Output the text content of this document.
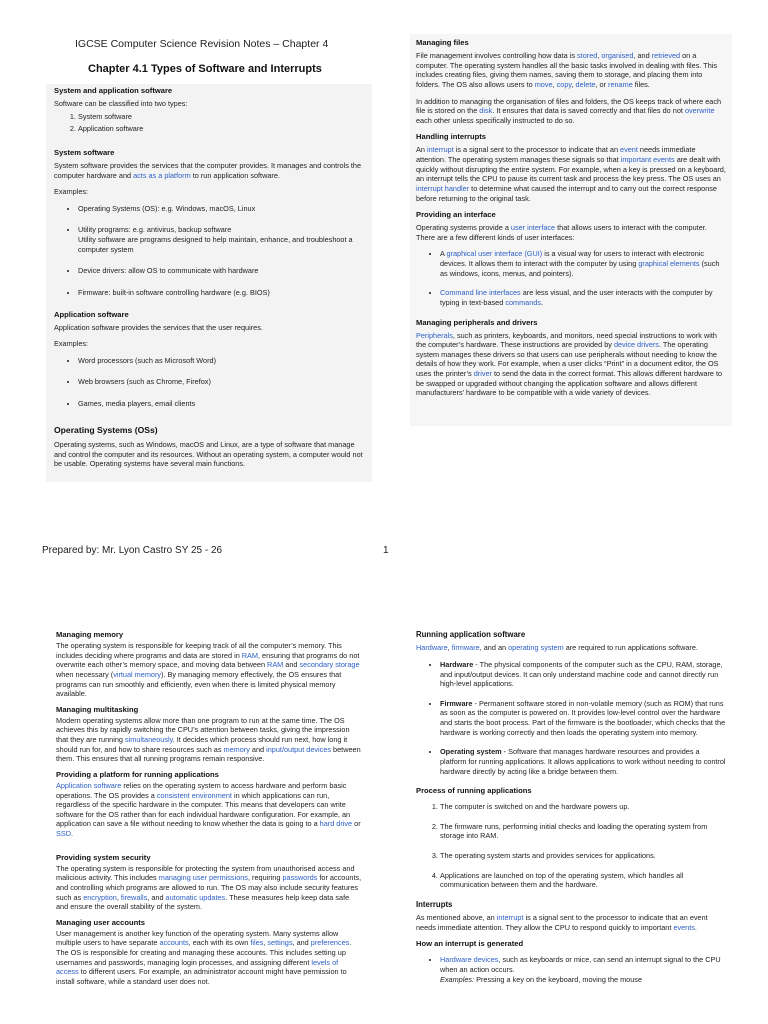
IGCSE Computer Science Revision Notes – Chapter 4
Chapter 4.1 Types of Software and Interrupts
System and application software

Software can be classified into two types:

1. System software
2. Application software
System software

System software provides the services that the computer provides. It manages and controls the computer hardware and acts as a platform to run application software.

Examples:

• Operating Systems (OS): e.g. Windows, macOS, Linux
• Utility programs: e.g. antivirus, backup software
Utility software are programs designed to help maintain, enhance, and troubleshoot a computer system
• Device drivers: allow OS to communicate with hardware
• Firmware: built-in software controlling hardware (e.g. BIOS)
Application software

Application software provides the services that the user requires.

Examples:

• Word processors (such as Microsoft Word)
• Web browsers (such as Chrome, Firefox)
• Games, media players, email clients
Operating Systems (OSs)

Operating systems, such as Windows, macOS and Linux, are a type of software that manage and control the computer and its resources. Without an operating system, a computer would not be usable. Operating systems have several main functions.

Managing files

File management involves controlling how data is stored, organised, and retrieved on a computer. The operating system handles all the basic tasks involved in dealing with files. This includes creating files, giving them names, saving them to storage, and placing them into folders. The OS also allows users to move, copy, delete, or rename files.

In addition to managing the organisation of files and folders, the OS keeps track of where each file is stored on the disk. It ensures that data is saved correctly and that files do not overwrite each other unless specifically instructed to do so.

Handling interrupts

An interrupt is a signal sent to the processor to indicate that an event needs immediate attention. The operating system manages these signals so that important events are dealt with quickly without disrupting the entire system. For example, when a key is pressed on a keyboard, an interrupt tells the CPU to pause its current task and process the key press. The OS uses an interrupt handler to determine what caused the interrupt and to carry out the correct response before returning to the original task.

Providing an interface

Operating systems provide a user interface that allows users to interact with the computer. There are a few different kinds of user interfaces:

• A graphical user interface (GUI) is a visual way for users to interact with electronic devices. It allows them to interact with the computer by using graphical elements (such as windows, icons, menus, and pointers).
• Command line interfaces are less visual, and the user interacts with the computer by typing in text-based commands.
Managing peripherals and drivers

Peripherals, such as printers, keyboards, and monitors, need special instructions to work with the computer’s hardware. These instructions are provided by device drivers. The operating system manages these drivers so that users can use peripherals without needing to know the details of how they work. For example, when a user clicks “Print” in a document editor, the OS uses the printer’s driver to send the data in the correct format. This allows different hardware to be swapped or upgraded without changing the application software and allows different manufacturers’ hardware to be compatible with a wide variety of devices.

Prepared by: Mr. Lyon Castro SY 25 - 26	1
Managing memory

The operating system is responsible for keeping track of all the computer’s memory. This includes deciding where programs and data are stored in RAM, ensuring that programs do not overwrite each other’s memory space, and moving data between RAM and secondary storage when necessary (virtual memory). By managing memory effectively, the OS ensures that programs can run smoothly and efficiently, even when there is limited physical memory available.

Managing multitasking

Modern operating systems allow more than one program to run at the same time. The OS achieves this by rapidly switching the CPU’s attention between tasks, giving the impression that they are running simultaneously. It decides which process should run next, how long it should run for, and how to share resources such as memory and input/output devices between them. This ensures that all running programs remain responsive.

Providing a platform for running applications

Application software relies on the operating system to access hardware and perform basic operations. The OS provides a consistent environment in which applications can run, regardless of the specific hardware in the computer. This means that developers can write software for the OS rather than for each individual hardware configuration. For example, an application can save a file without needing to know whether the data is going to a hard drive or SSD.

Providing system security

The operating system is responsible for protecting the system from unauthorised access and malicious activity. This includes managing user permissions, requiring passwords for accounts, and controlling which programs are allowed to run. The OS may also include security features such as encryption, firewalls, and automatic updates. These measures help keep data safe and ensure the overall stability of the system.

Managing user accounts

User management is another key function of the operating system. Many systems allow multiple users to have separate accounts, each with its own files, settings, and preferences. The OS is responsible for creating and managing these accounts. This includes setting up usernames and passwords, managing login processes, and assigning different levels of access to different users. For example, an administrator account might have permission to install software, while a standard user does not.

Running application software

Hardware, firmware, and an operating system are required to run applications software.

• Hardware - The physical components of the computer such as the CPU, RAM, storage, and input/output devices. It can only understand machine code and cannot directly run high-level applications.
• Firmware - Permanent software stored in non-volatile memory (such as ROM) that runs as soon as the computer is powered on. It provides low-level control over the hardware and starts the boot process. Part of the firmware is the bootloader, which checks that the hardware is working correctly and then loads the operating system into memory.
• Operating system - Software that manages hardware resources and provides a platform for running applications. It allows applications to work without needing to control hardware directly by acting like a bridge between them.
Process of running applications
1. The computer is switched on and the hardware powers up.
2. The firmware runs, performing initial checks and loading the operating system from storage into RAM.
3. The operating system starts and provides services for applications.
4. Applications are launched on top of the operating system, which handles all communication between them and the hardware.
Interrupts

As mentioned above, an interrupt is a signal sent to the processor to indicate that an event needs immediate attention. They allow the CPU to respond quickly to important events.

How an interrupt is generated
• Hardware devices, such as keyboards or mice, can send an interrupt signal to the CPU when an action occurs.
Examples: Pressing a key on the keyboard, moving the mouse
